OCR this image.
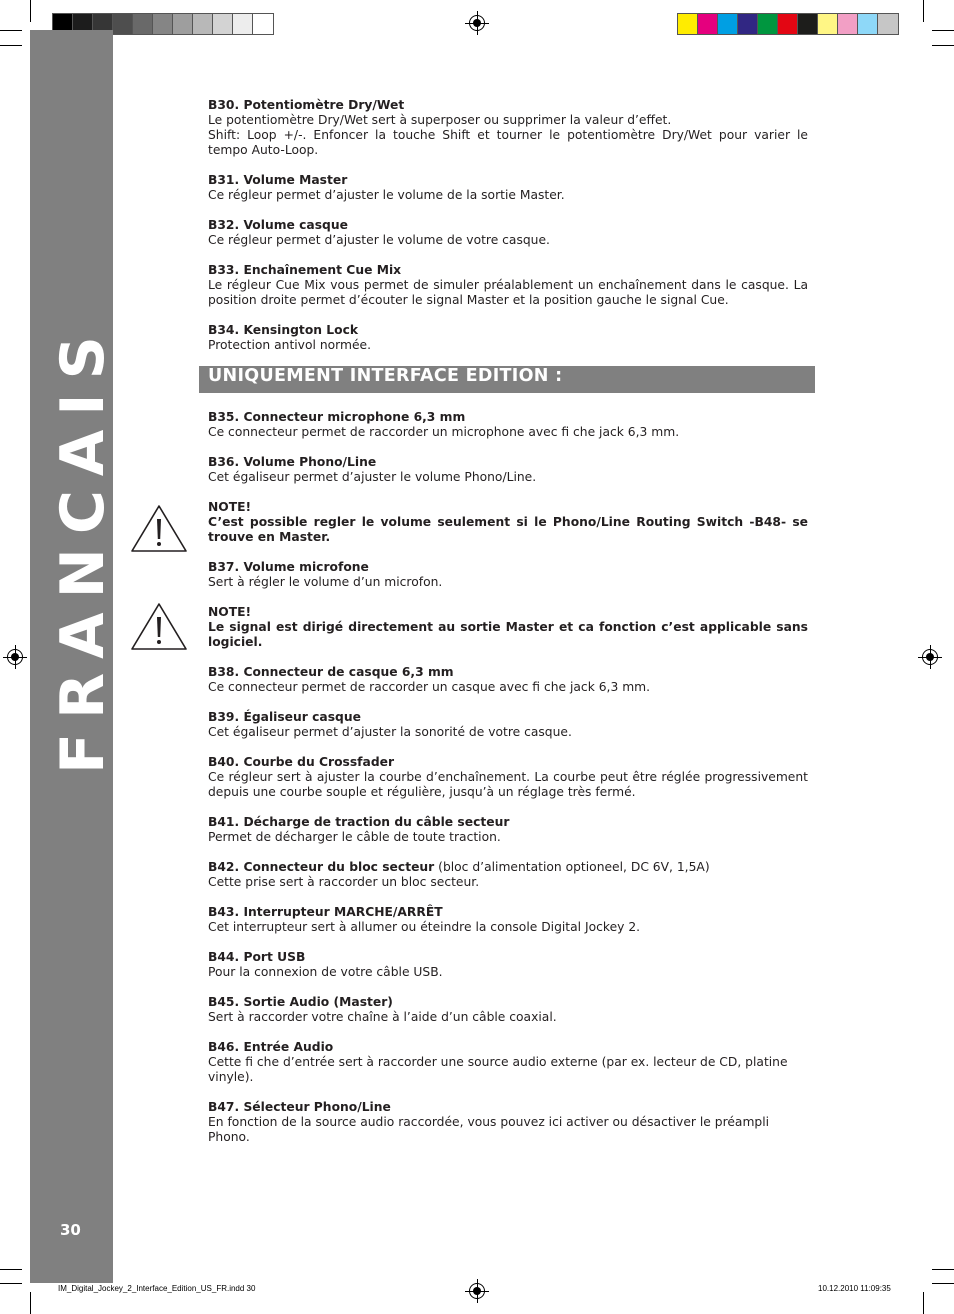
FRANCAIS
30

B30. Potentiomètre Dry/Wet

Le potentiomètre Dry/Wet sert à superposer ou supprimer la valeur d’effet.

Shift: Loop +/-. Enfoncer la touche Shift et tourner le potentiomètre Dry/Wet pour varier le tempo Auto-Loop.

B31. Volume Master

Ce régleur permet d’ajuster le volume de la sortie Master.

B32. Volume casque

Ce régleur permet d’ajuster le volume de votre casque.

B33. Enchaînement Cue Mix

Le régleur Cue Mix vous permet de simuler préalablement un enchaînement dans le casque. La position droite permet d’écouter le signal Master et la position gauche le signal Cue.

B34. Kensington Lock

Protection antivol normée.

UNIQUEMENT INTERFACE EDITION :

B35. Connecteur microphone 6,3 mm

Ce connecteur permet de raccorder un microphone avec fi che jack 6,3 mm.

B36. Volume Phono/Line

Cet égaliseur permet d’ajuster le volume Phono/Line.

NOTE!

C’est possible regler le volume seulement si le Phono/Line Routing Switch -B48- se trouve en Master.

B37. Volume microfone

Sert à régler le volume d’un microfon.

NOTE!

Le signal est dirigé directement au sortie Master et ca fonction c’est applicable sans logiciel.

B38. Connecteur de casque 6,3 mm

Ce connecteur permet de raccorder un casque avec fi che jack 6,3 mm.

B39. Égaliseur casque

Cet égaliseur permet d’ajuster la sonorité de votre casque.

B40. Courbe du Crossfader

Ce régleur sert à ajuster la courbe d’enchaînement. La courbe peut être réglée progressivement depuis une courbe souple et régulière, jusqu’à un réglage très fermé.

B41. Décharge de traction du câble secteur

Permet de décharger le câble de toute traction.

B42. Connecteur du bloc secteur (bloc d’alimentation optioneel, DC 6V, 1,5A)

Cette prise sert à raccorder un bloc secteur.

B43. Interrupteur MARCHE/ARRÊT

Cet interrupteur sert à allumer ou éteindre la console Digital Jockey 2.

B44. Port USB

Pour la connexion de votre câble USB.

B45. Sortie Audio (Master)

Sert à raccorder votre chaîne à l’aide d’un câble coaxial.

B46. Entrée Audio

Cette fi che d’entrée sert à raccorder une source audio externe (par ex. lecteur de CD, platine vinyle).

B47. Sélecteur Phono/Line

En fonction de la source audio raccordée, vous pouvez ici activer ou désactiver le préampli Phono.

IM_Digital_Jockey_2_Interface_Edition_US_FR.indd 30	10.12.2010 11:09:35
